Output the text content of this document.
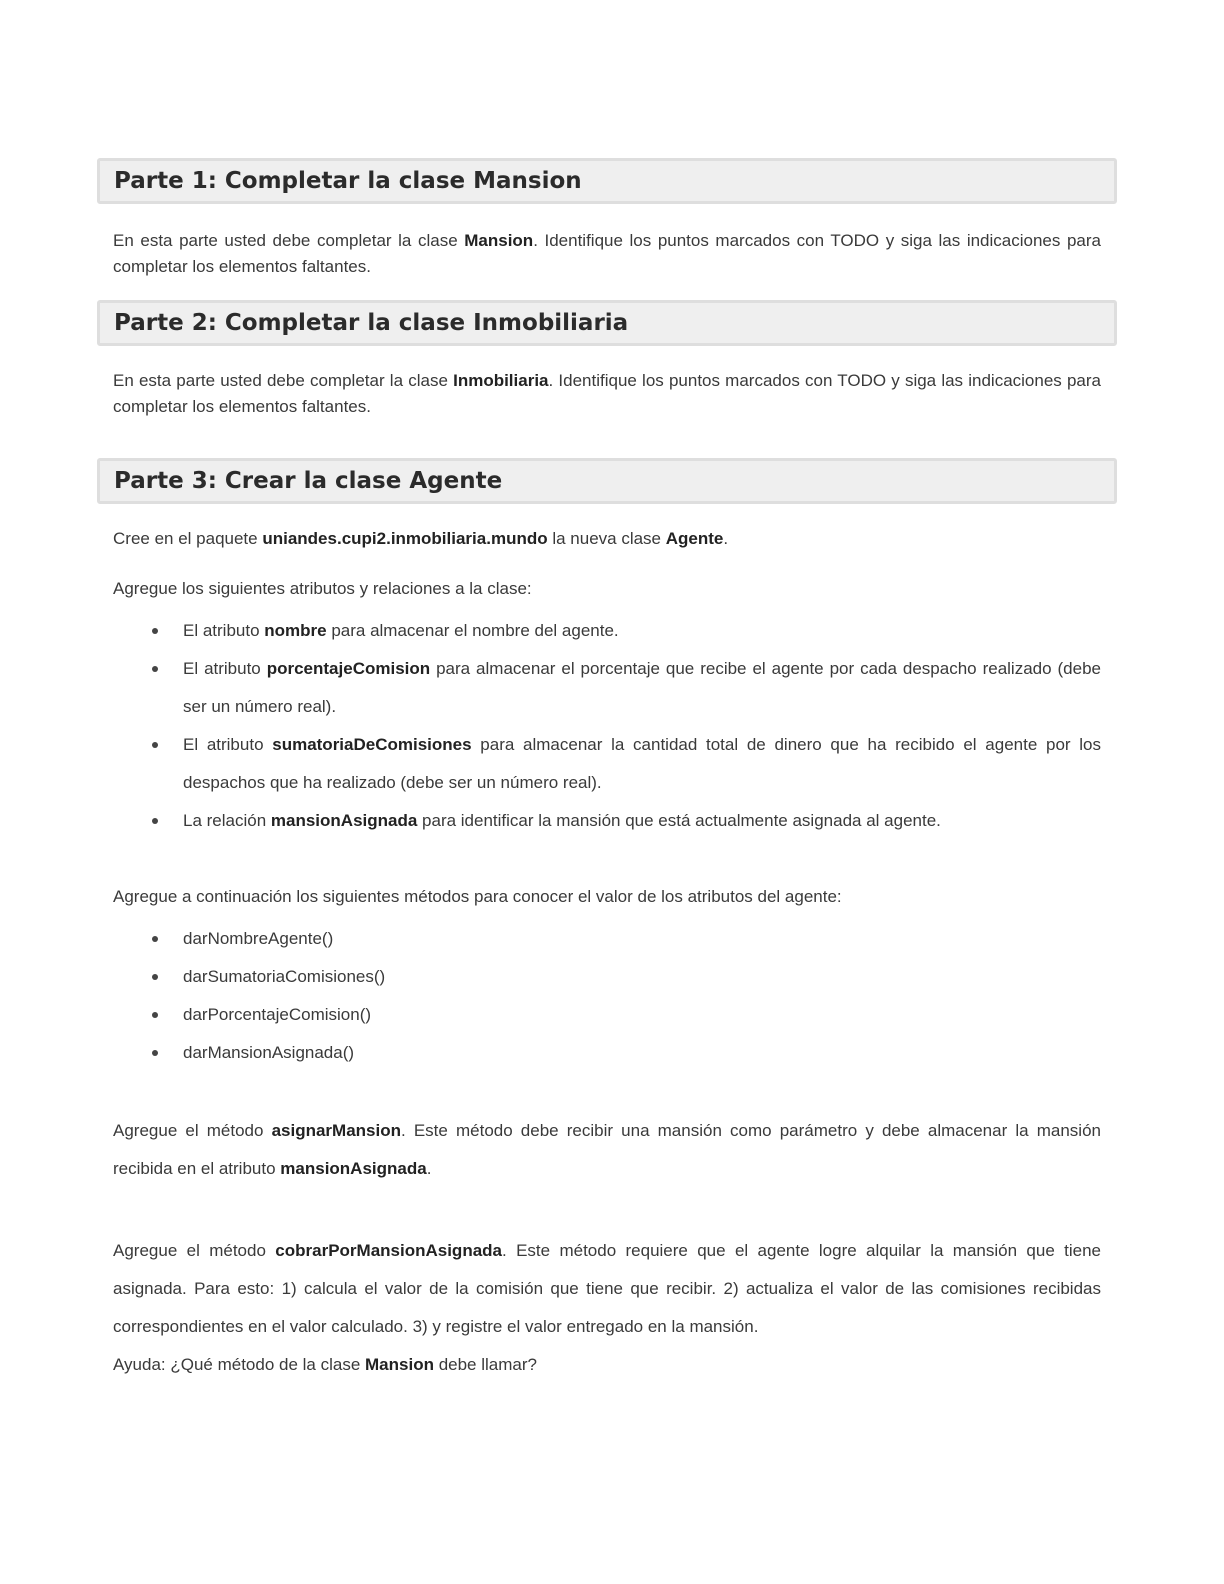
Parte 1: Completar la clase Mansion

En esta parte usted debe completar la clase Mansion. Identifique los puntos marcados con TODO y siga las indicaciones para completar los elementos faltantes.

Parte 2: Completar la clase Inmobiliaria

En esta parte usted debe completar la clase Inmobiliaria. Identifique los puntos marcados con TODO y siga las indicaciones para completar los elementos faltantes.

Parte 3: Crear la clase Agente

Cree en el paquete uniandes.cupi2.inmobiliaria.mundo la nueva clase Agente.

Agregue los siguientes atributos y relaciones a la clase:

El atributo nombre para almacenar el nombre del agente.
El atributo porcentajeComision para almacenar el porcentaje que recibe el agente por cada despacho realizado (debe ser un número real).
El atributo sumatoriaDeComisiones para almacenar la cantidad total de dinero que ha recibido el agente por los despachos que ha realizado (debe ser un número real).
La relación mansionAsignada para identificar la mansión que está actualmente asignada al agente.

Agregue a continuación los siguientes métodos para conocer el valor de los atributos del agente:

darNombreAgente()
darSumatoriaComisiones()
darPorcentajeComision()
darMansionAsignada()

Agregue el método asignarMansion. Este método debe recibir una mansión como parámetro y debe almacenar la mansión recibida en el atributo mansionAsignada.

Agregue el método cobrarPorMansionAsignada. Este método requiere que el agente logre alquilar la mansión que tiene asignada. Para esto: 1) calcula el valor de la comisión que tiene que recibir. 2) actualiza el valor de las comisiones recibidas correspondientes en el valor calculado. 3) y registre el valor entregado en la mansión.

Ayuda: ¿Qué método de la clase Mansion debe llamar?
